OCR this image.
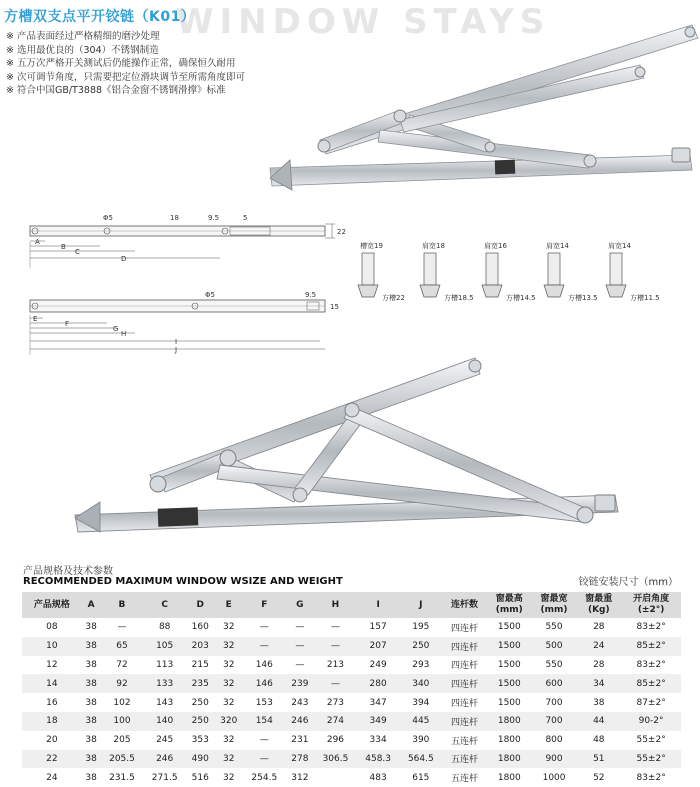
WINDOW STAYS
方槽双支点平开铰链（K01）
※ 产品表面经过严格精细的磨沙处理
※ 选用最优良的（304）不锈钢制造
※ 五万次严格开关测试后仍能操作正常，确保恒久耐用
※ 次可调节角度，只需要把定位滑块调节至所需角度即可
※ 符合中国GB/T3888《铝合金窗不锈钢滑撑》标准
Φ5	18	9.5	5
22
A
B
C
D
Φ5	9.5
15
E
F
G
H
I
J
槽宽19
方槽22
肩宽18
方槽18.5
肩宽16
方槽14.5
肩宽14
方槽13.5
肩宽14
方槽11.5
产品规格及技术参数
RECOMMENDED MAXIMUM WINDOW WSIZE AND WEIGHT	铰链安装尺寸（mm）
产品规格	A	B	C	D	E	F	G	H	I	J	连杆数	窗最高
(mm)	窗最宽
(mm)	窗最重
(Kg)	开启角度
(±2°)
08	38	—	88	160	32	—	—	—	157	195	四连杆	1500	550	28	83±2°
10	38	65	105	203	32	—	—	—	207	250	四连杆	1500	500	24	85±2°
12	38	72	113	215	32	146	—	213	249	293	四连杆	1500	550	28	83±2°
14	38	92	133	235	32	146	239	—	280	340	四连杆	1500	600	34	85±2°
16	38	102	143	250	32	153	243	273	347	394	四连杆	1500	700	38	87±2°
18	38	100	140	250	320	154	246	274	349	445	四连杆	1800	700	44	90-2°
20	38	205	245	353	32	—	231	296	334	390	五连杆	1800	800	48	55±2°
22	38	205.5	246	490	32	—	278	306.5	458.3	564.5	五连杆	1800	900	51	55±2°
24	38	231.5	271.5	516	32	254.5	312		483	615	五连杆	1800	1000	52	83±2°
